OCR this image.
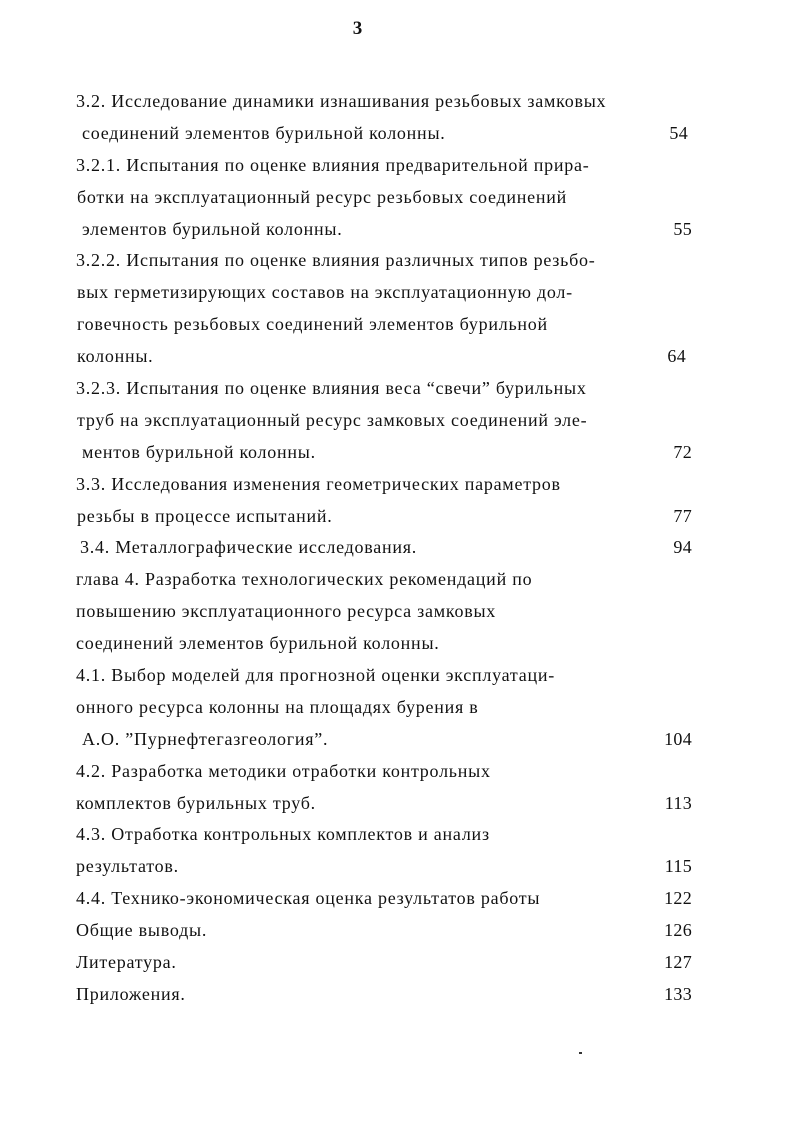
3
3.2. Исследование динамики изнашивания резьбовых замковых
соединений элементов бурильной колонны.	54
3.2.1. Испытания по оценке влияния предварительной прира-
ботки на эксплуатационный ресурс резьбовых соединений
элементов бурильной колонны.	55
3.2.2. Испытания по оценке влияния различных типов резьбо-
вых герметизирующих составов на эксплуатационную дол-
говечность резьбовых соединений элементов бурильной
колонны.	64
3.2.3. Испытания по оценке влияния веса “свечи” бурильных
труб на эксплуатационный ресурс замковых соединений эле-
ментов бурильной колонны.	72
3.3. Исследования изменения геометрических параметров
резьбы в процессе испытаний.	77
3.4. Металлографические исследования.	94
глава 4. Разработка технологических рекомендаций по
повышению эксплуатационного ресурса замковых
соединений элементов бурильной колонны.
4.1. Выбор моделей для прогнозной оценки эксплуатаци-
онного ресурса колонны на площадях бурения в
А.О. ”Пурнефтегазгеология”.	104
4.2. Разработка методики отработки контрольных
комплектов бурильных труб.	113
4.3. Отработка контрольных комплектов и анализ
результатов.	115
4.4. Технико-экономическая оценка результатов работы	122
Общие выводы.	126
Литература.	127
Приложения.	133
